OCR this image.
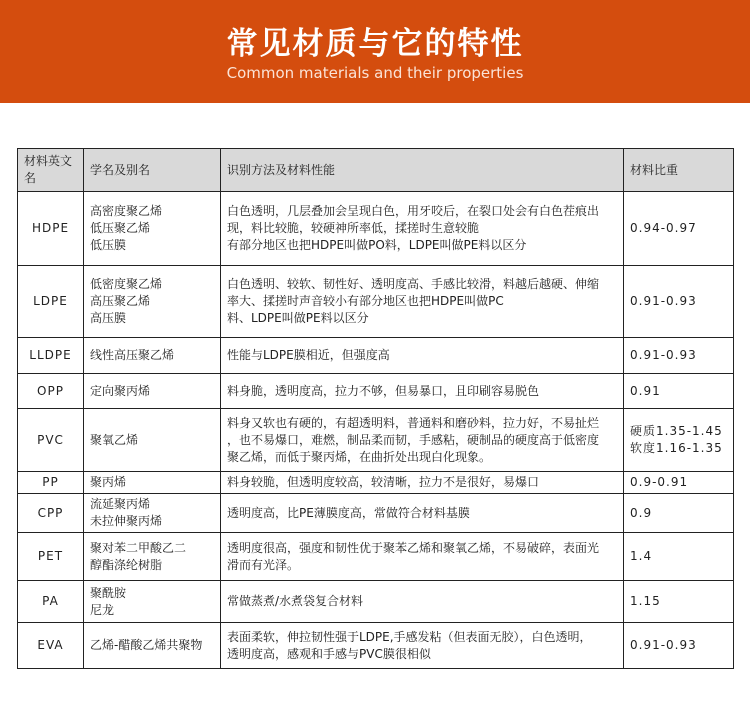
常见材质与它的特性
Common materials and their properties
材料英文名	学名及别名	识别方法及材料性能	材料比重
HDPE	高密度聚乙烯
低压聚乙烯
低压膜	白色透明，几层叠加会呈现白色，用牙咬后，在裂口处会有白色茬痕出
现，料比较脆，较硬神所率低，揉搓时生意较脆
有部分地区也把HDPE叫做PO料，LDPE叫做PE料以区分	0.94-0.97

LDPE	低密度聚乙烯
高压聚乙烯
高压膜	白色透明、较软、韧性好、透明度高、手感比较滑，料越后越硬、伸缩
率大、揉搓时声音较小有部分地区也把HDPE叫做PC
料、LDPE叫做PE料以区分	0.91-0.93

LLDPE	线性高压聚乙烯	性能与LDPE膜相近，但强度高	0.91-0.93

OPP	定向聚丙烯	料身脆，透明度高，拉力不够，但易暴口，且印刷容易脱色	0.91

PVC	聚氧乙烯	料身又软也有硬的，有超透明料，普通料和磨砂料，拉力好，不易扯烂
，也不易爆口，难燃，制品柔而韧，手感粘，硬制品的硬度高于低密度
聚乙烯，而低于聚丙烯，在曲折处出现白化现象。	硬质1.35-1.45
软度1.16-1.35

PP	聚丙烯	料身较脆，但透明度较高，较清晰，拉力不是很好，易爆口	0.9-0.91

CPP	流延聚丙烯
未拉伸聚丙烯	透明度高，比PE薄膜度高，常做符合材料基膜	0.9

PET	聚对苯二甲酸乙二
醇酯涤纶树脂	透明度很高，强度和韧性优于聚苯乙烯和聚氧乙烯，不易破碎，表面光
滑而有光泽。	1.4

PA	聚酰胺
尼龙	常做蒸煮/水煮袋复合材料	1.15

EVA	乙烯-醋酸乙烯共聚物	表面柔软，伸拉韧性强于LDPE,手感发粘（但表面无胶），白色透明，
透明度高，感观和手感与PVC膜很相似	0.91-0.93
